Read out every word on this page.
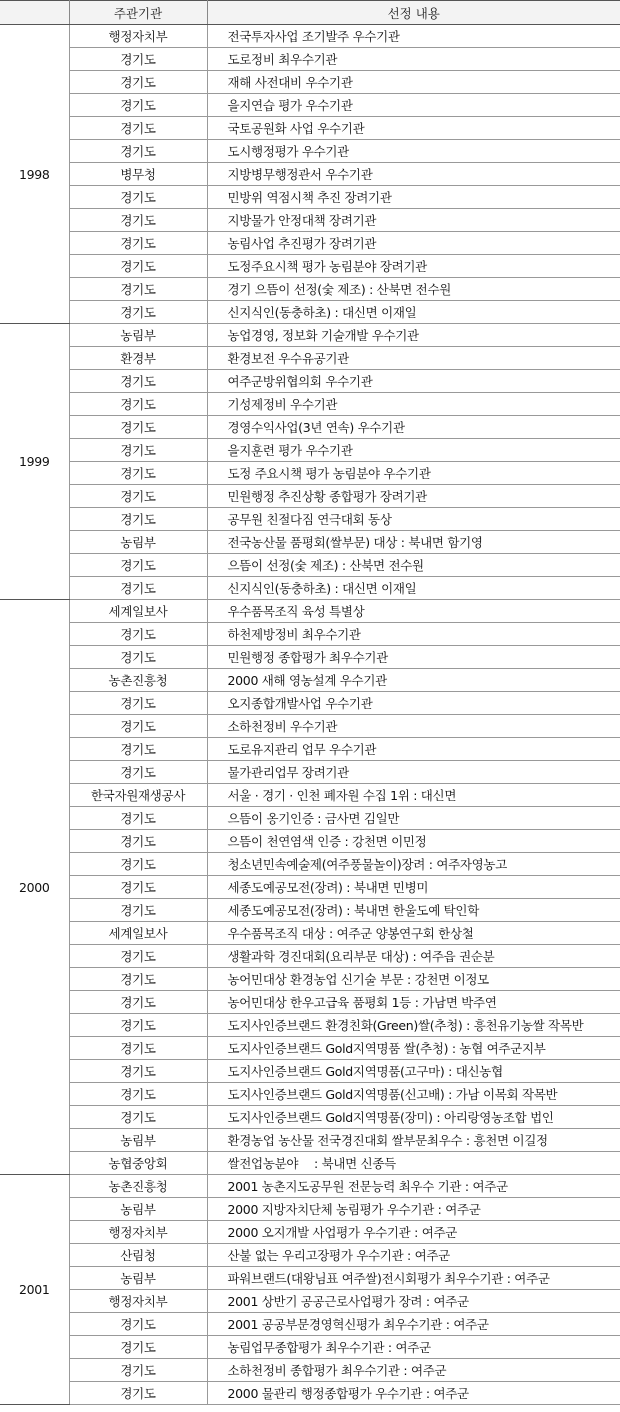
	주관기관	선정 내용
1998	행정자치부	전국투자사업 조기발주 우수기관
	경기도	도로정비 최우수기관
	경기도	재해 사전대비 우수기관
	경기도	을지연습 평가 우수기관
	경기도	국토공원화 사업 우수기관
	경기도	도시행정평가 우수기관
	병무청	지방병무행정관서 우수기관
	경기도	민방위 역점시책 추진 장려기관
	경기도	지방물가 안정대책 장려기관
	경기도	농림사업 추진평가 장려기관
	경기도	도정주요시책 평가 농림분야 장려기관
	경기도	경기 으뜸이 선정(숯 제조) : 산북면 전수원
	경기도	신지식인(동충하초) : 대신면 이재일
1999	농림부	농업경영, 정보화 기술개발 우수기관
	환경부	환경보전 우수유공기관
	경기도	여주군방위협의회 우수기관
	경기도	기성제정비 우수기관
	경기도	경영수익사업(3년 연속) 우수기관
	경기도	을지훈련 평가 우수기관
	경기도	도정 주요시책 평가 농림분야 우수기관
	경기도	민원행정 추진상황 종합평가 장려기관
	경기도	공무원 친절다짐 연극대회 동상
	농림부	전국농산물 품평회(쌀부문) 대상 : 북내면 함기영
	경기도	으뜸이 선정(숯 제조) : 산북면 전수원
	경기도	신지식인(동충하초) : 대신면 이재일
2000	세계일보사	우수품목조직 육성 특별상
	경기도	하천제방정비 최우수기관
	경기도	민원행정 종합평가 최우수기관
	농촌진흥청	2000 새해 영농설계 우수기관
	경기도	오지종합개발사업 우수기관
	경기도	소하천정비 우수기관
	경기도	도로유지관리 업무 우수기관
	경기도	물가관리업무 장려기관
	한국자원재생공사	서울 · 경기 · 인천 폐자원 수집 1위 : 대신면
	경기도	으뜸이 옹기인증 : 금사면 김일만
	경기도	으뜸이 천연염색 인증 : 강천면 이민정
	경기도	청소년민속예술제(여주풍물놀이)장려 : 여주자영농고
	경기도	세종도예공모전(장려) : 북내면 민병미
	경기도	세종도예공모전(장려) : 북내면 한울도예 탁인학
	세계일보사	우수품목조직 대상 : 여주군 양봉연구회 한상철
	경기도	생활과학 경진대회(요리부문 대상) : 여주읍 권순분
	경기도	농어민대상 환경농업 신기술 부문 : 강천면 이정모
	경기도	농어민대상 한우고급육 품평회 1등 : 가남면 박주연
	경기도	도지사인증브랜드 환경친화(Green)쌀(추청) : 흥천유기농쌀 작목반
	경기도	도지사인증브랜드 Gold지역명품 쌀(추청) : 농협 여주군지부
	경기도	도지사인증브랜드 Gold지역명품(고구마) : 대신농협
	경기도	도지사인증브랜드 Gold지역명품(신고배) : 가남 이목회 작목반
	경기도	도지사인증브랜드 Gold지역명품(장미) : 아리랑영농조합 법인
	농림부	환경농업 농산물 전국경진대회 쌀부문최우수 : 흥천면 이길정
	농협중앙회	쌀전업농분야 　: 북내면 신종득
2001	농촌진흥청	2001 농촌지도공무원 전문능력 최우수 기관 : 여주군
	농림부	2000 지방자치단체 농림평가 우수기관 : 여주군
	행정자치부	2000 오지개발 사업평가 우수기관 : 여주군
	산림청	산불 없는 우리고장평가 우수기관 : 여주군
	농림부	파워브랜드(대왕님표 여주쌀)전시회평가 최우수기관 : 여주군
	행정자치부	2001 상반기 공공근로사업평가 장려 : 여주군
	경기도	2001 공공부문경영혁신평가 최우수기관 : 여주군
	경기도	농림업무종합평가 최우수기관 : 여주군
	경기도	소하천정비 종합평가 최우수기관 : 여주군
	경기도	2000 물관리 행정종합평가 우수기관 : 여주군
